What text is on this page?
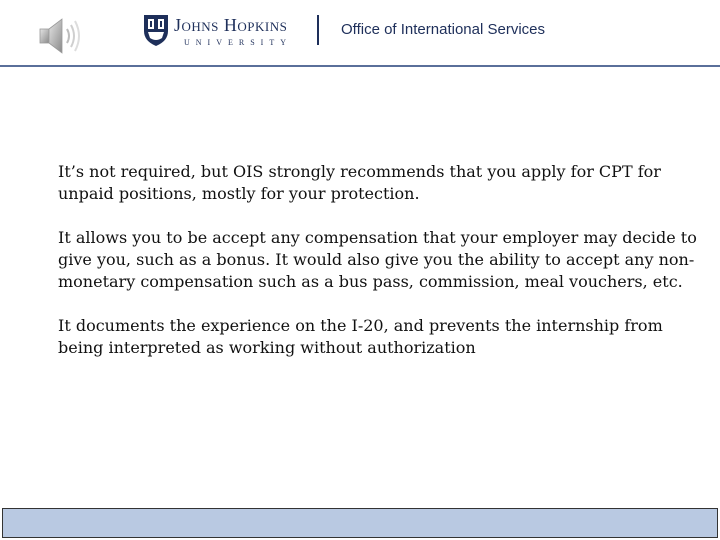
Johns Hopkins
UNIVERSITY
Office of International Services

It’s not required, but OIS strongly recommends that you apply for CPT for unpaid positions, mostly for your protection.

It allows you to be accept any compensation that your employer may decide to give you, such as a bonus. It would also give you the ability to accept any non-monetary compensation such as a bus pass, commission, meal vouchers, etc.

It documents the experience on the I-20, and prevents the internship from being interpreted as working without authorization
